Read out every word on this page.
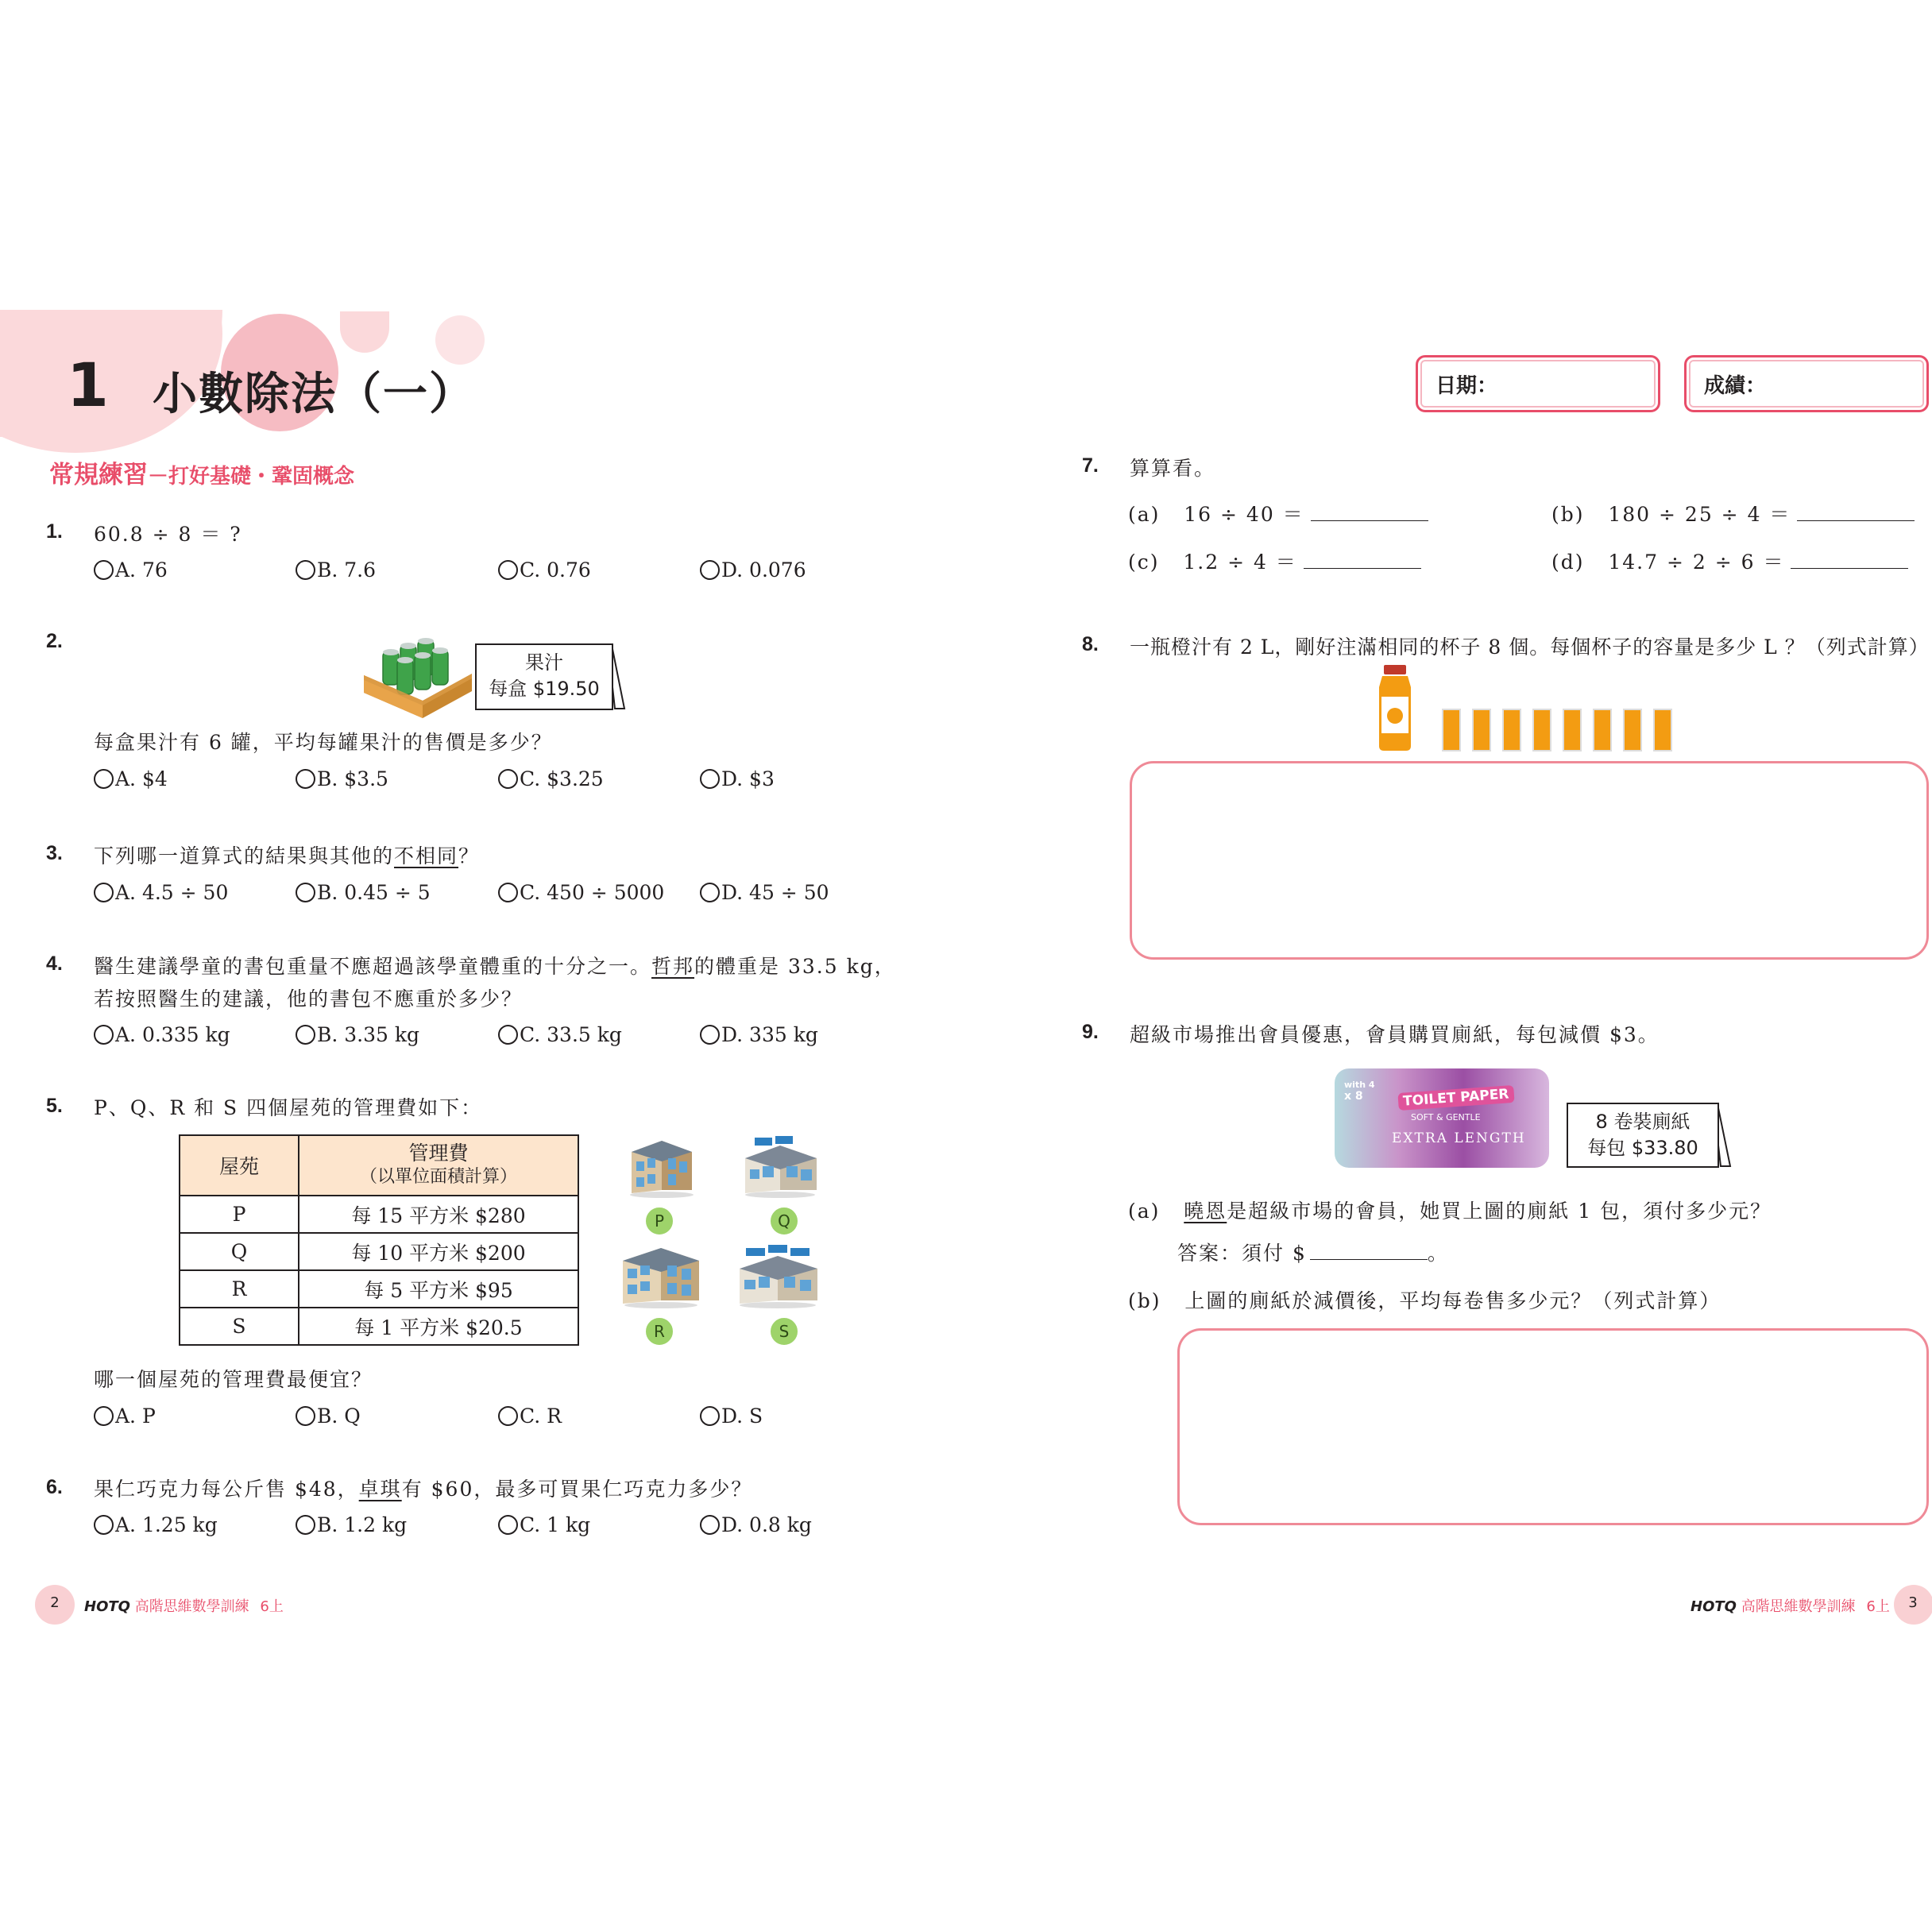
1 小數除法（一）
常規練習－打好基礎・鞏固概念
日期：	成績：
1. 60.8 ÷ 8 ＝ ?
A. 76	B. 7.6	C. 0.76	D. 0.076
2.
果汁
每盒 $19.50
每盒果汁有 6 罐，平均每罐果汁的售價是多少？
A. $4	B. $3.5	C. $3.25	D. $3
3. 下列哪一道算式的結果與其他的不相同？
A. 4.5 ÷ 50	B. 0.45 ÷ 5	C. 450 ÷ 5000	D. 45 ÷ 50
4. 醫生建議學童的書包重量不應超過該學童體重的十分之一。哲邦的體重是 33.5 kg，
若按照醫生的建議，他的書包不應重於多少？
A. 0.335 kg	B. 3.35 kg	C. 33.5 kg	D. 335 kg
5. P、Q、R 和 S 四個屋苑的管理費如下：
屋苑	管理費
（以單位面積計算）

P	每 15 平方米 $280
Q	每 10 平方米 $200
R	每 5 平方米 $95
S	每 1 平方米 $20.5
P	Q
R	S
哪一個屋苑的管理費最便宜？
A. P	B. Q	C. R	D. S
6. 果仁巧克力每公斤售 $48，卓琪有 $60，最多可買果仁巧克力多少？
A. 1.25 kg	B. 1.2 kg	C. 1 kg	D. 0.8 kg
7. 算算看。
(a) 16 ÷ 40 ＝	(b) 180 ÷ 25 ÷ 4 ＝
(c) 1.2 ÷ 4 ＝	(d) 14.7 ÷ 2 ÷ 6 ＝
8. 一瓶橙汁有 2 L，剛好注滿相同的杯子 8 個。每個杯子的容量是多少 L ？（列式計算）
9. 超級市場推出會員優惠，會員購買廁紙，每包減價 $3。
with 4
x 8	TOILET PAPER
SOFT & GENTLE
EXTRA LENGTH
8 卷裝廁紙
每包 $33.80
(a) 曉恩是超級市場的會員，她買上圖的廁紙 1 包，須付多少元？
答案：須付 $	。
(b) 上圖的廁紙於減價後，平均每卷售多少元？（列式計算）
2	HOTQ 高階思維數學訓練 6上	HOTQ 高階思維數學訓練 6上	3
